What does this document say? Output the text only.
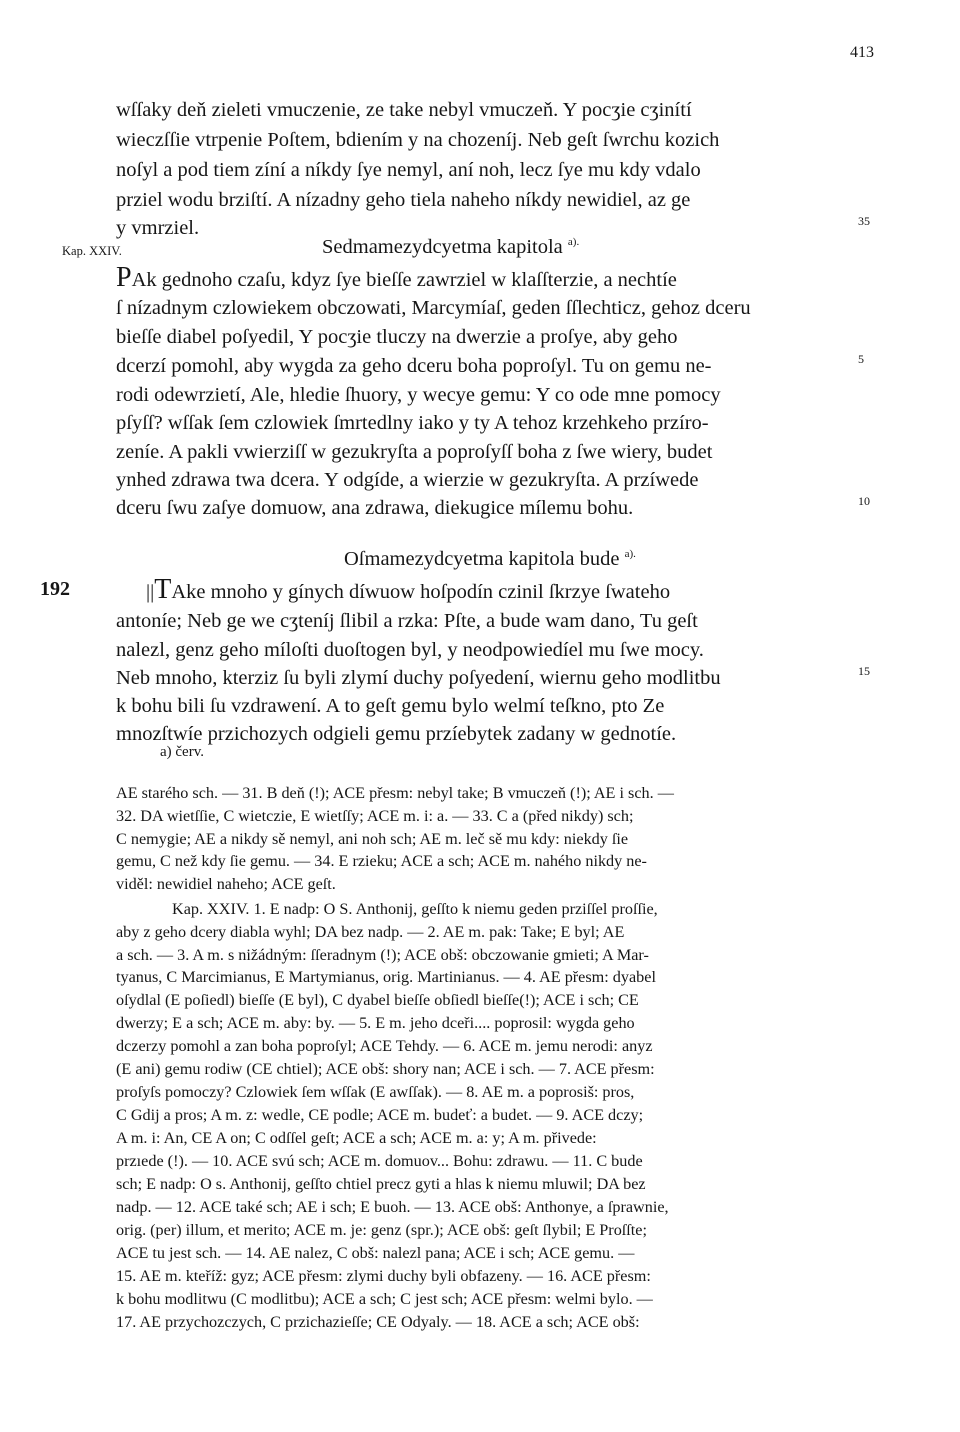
413
wſſaky deň zieleti vmuczenie, ze take nebyl vmuczeň. Y pocʒie cʒinítí
wieczſſie vtrpenie Poſtem, bdiením y na chozeníj. Neb geſt ſwrchu kozich
noſyl a pod tiem zíní a níkdy ſye nemyl, aní noh, lecz ſye mu kdy vdalo
prziel wodu brziſtí. A nízadny geho tiela naheho níkdy newidiel, az ge
y vmrziel.	35
Kap. XXIV.	Sedmamezydcyetma kapitola $^{a).}$
PAk gednoho czaſu, kdyz ſye bieſſe zawrziel w klaſſterzie, a nechtíe
ſ nízadnym czlowiekem obczowati, Marcymíaſ, geden ſſlechticz, gehoz dceru
bieſſe diabel poſyedil, Y pocʒie tluczy na dwerzie a proſye, aby geho
dcerzí pomohl, aby wygda za geho dceru boha poproſyl. Tu on gemu ne-	5
rodi odewrzietí, Ale, hledie ſhuory, y wecye gemu: Y co ode mne pomocy
pſyſſ? wſſak ſem czlowiek ſmrtedlny iako y ty A tehoz krzehkeho przíro-
zeníe. A pakli vwierziſſ w gezukryſta a poproſyſſ boha z ſwe wiery, budet
ynhed zdrawa twa dcera. Y odgíde, a wierzie w gezukryſta. A przíwede
dceru ſwu zaſye domuow, ana zdrawa, diekugice mílemu bohu.	10
Oſmamezydcyetma kapitola bude $^{a).}$
192	||TAke mnoho y gínych díwuow hoſpodín czinil ſkrzye ſwateho
antoníe; Neb ge we cʒteníj ſlibil a rzka: Pſte, a bude wam dano, Tu geſt
nalezl, genz geho míloſti duoſtogen byl, y neodpowiedíel mu ſwe mocy.
Neb mnoho, kterziz ſu byli zlymí duchy poſyedení, wiernu geho modlitbu	15
k bohu bili ſu vzdrawení. A to geſt gemu bylo welmí teſkno, pto Ze
mnozſtwíe przichozych odgieli gemu przíebytek zadany w gednotíe.
a) červ.
AE starého sch. — 31. B deň (!); ACE přesm: nebyl take; B vmuczeň (!); AE i sch. —
32. DA wietſſie, C wietczie, E wietſſy; ACE m. i: a. — 33. C a (před nikdy) sch;
C nemygie; AE a nikdy sě nemyl, ani noh sch; AE m. leč sě mu kdy: niekdy ſie
gemu, C než kdy ſie gemu. — 34. E rzieku; ACE a sch; ACE m. nahého nikdy ne-
viděl: newidiel naheho; ACE geſt.
Kap. XXIV. 1. E nadp: O S. Anthonij, geſſto k niemu geden prziſſel proſſie,
aby z geho dcery diabla wyhl; DA bez nadp. — 2. AE m. pak: Take; E byl; AE
a sch. — 3. A m. s nižádným: ſſeradnym (!); ACE obš: obczowanie gmieti; A Mar-
tyanus, C Marcimianus, E Martymianus, orig. Martinianus. — 4. AE přesm: dyabel
oſydlal (E poſiedl) bieſſe (E byl), C dyabel bieſſe obſiedl bieſſe(!); ACE i sch; CE
dwerzy; E a sch; ACE m. aby: by. — 5. E m. jeho dceři.... poprosil: wygda geho
dczerzy pomohl a zan boha poproſyl; ACE Tehdy. — 6. ACE m. jemu nerodi: anyz
(E ani) gemu rodiw (CE chtiel); ACE obš: shory nan; ACE i sch. — 7. ACE přesm:
proſyſs pomoczy? Czlowiek ſem wſſak (E awſſak). — 8. AE m. a poprosiš: pros,
C Gdij a pros; A m. z: wedle, CE podle; ACE m. budeť: a budet. — 9. ACE dczy;
A m. i: An, CE A on; C odſſel geſt; ACE a sch; ACE m. a: y; A m. přivede:
przıede (!). — 10. ACE svú sch; ACE m. domuov... Bohu: zdrawu. — 11. C bude
sch; E nadp: O s. Anthonij, geſſto chtiel precz gyti a hlas k niemu mluwil; DA bez
nadp. — 12. ACE také sch; AE i sch; E buoh. — 13. ACE obš: Anthonye, a ſprawnie,
orig. (per) illum, et merito; ACE m. je: genz (spr.); ACE obš: geſt ſlybil; E Proſſte;
ACE tu jest sch. — 14. AE nalez, C obš: nalezl pana; ACE i sch; ACE gemu. —
15. AE m. kteříž: gyz; ACE přesm: zlymi duchy byli obfazeny. — 16. ACE přesm:
k bohu modlitwu (C modlitbu); ACE a sch; C jest sch; ACE přesm: welmi bylo. —
17. AE przychozczych, C przichazieſſe; CE Odyaly. — 18. ACE a sch; ACE obš:
